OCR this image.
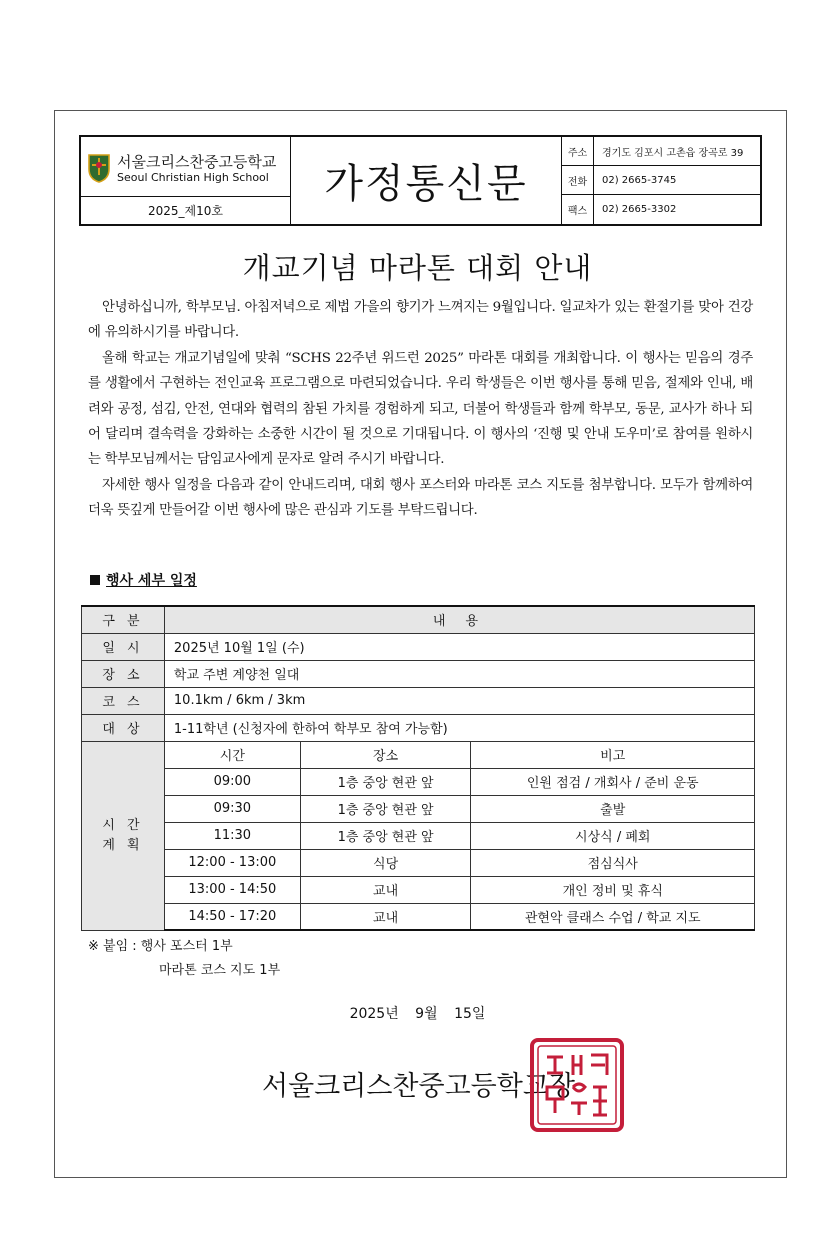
서울크리스찬중고등학교
Seoul Christian High School
2025_제10호
가정통신문
주소	경기도 김포시 고촌읍 장곡로 39
전화	02) 2665-3745
팩스	02) 2665-3302
개교기념 마라톤 대회 안내

안녕하십니까, 학부모님. 아침저녁으로 제법 가을의 향기가 느껴지는 9월입니다. 일교차가 있는 환절기를 맞아 건강에 유의하시기를 바랍니다.

올해 학교는 개교기념일에 맞춰 “SCHS 22주년 위드런 2025” 마라톤 대회를 개최합니다. 이 행사는 믿음의 경주를 생활에서 구현하는 전인교육 프로그램으로 마련되었습니다. 우리 학생들은 이번 행사를 통해 믿음, 절제와 인내, 배려와 공정, 섬김, 안전, 연대와 협력의 참된 가치를 경험하게 되고, 더불어 학생들과 함께 학부모, 동문, 교사가 하나 되어 달리며 결속력을 강화하는 소중한 시간이 될 것으로 기대됩니다. 이 행사의 ‘진행 및 안내 도우미’로 참여를 원하시는 학부모님께서는 담임교사에게 문자로 알려 주시기 바랍니다.

자세한 행사 일정을 다음과 같이 안내드리며, 대회 행사 포스터와 마라톤 코스 지도를 첨부합니다. 모두가 함께하여 더욱 뜻깊게 만들어갈 이번 행사에 많은 관심과 기도를 부탁드립니다.

행사 세부 일정
구 분	내 용		
일 시	2025년 10월 1일 (수)		
장 소	학교 주변 계양천 일대		
코 스	10.1km / 6km / 3km		
대 상	1-11학년 (신청자에 한하여 학부모 참여 가능함)		

시 간
계 획	시간	장소	비고
	09:00	1층 중앙 현관 앞	인원 점검 / 개회사 / 준비 운동
	09:30	1층 중앙 현관 앞	출발
	11:30	1층 중앙 현관 앞	시상식 / 폐회
	12:00 - 13:00	식당	점심식사
	13:00 - 14:50	교내	개인 정비 및 휴식
	14:50 - 17:20	교내	관현악 클래스 수업 / 학교 지도
※ 붙임 : 행사 포스터 1부
마라톤 코스 지도 1부
2025년 9월 15일
서울크리스찬중고등학교장
